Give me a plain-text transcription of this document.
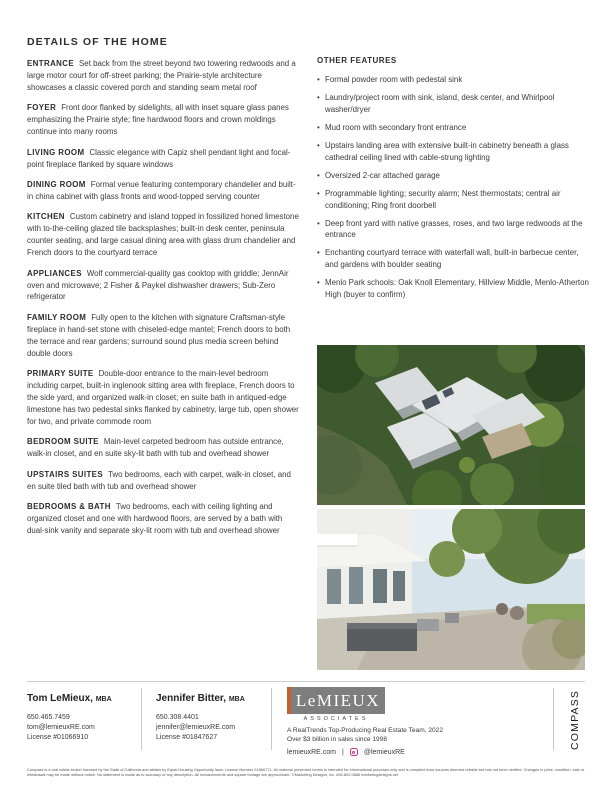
DETAILS OF THE HOME
ENTRANCE Set back from the street beyond two towering redwoods and a large motor court for off-street parking; the Prairie-style architecture showcases a classic covered porch and standing seam metal roof
FOYER Front door flanked by sidelights, all with inset square glass panes emphasizing the Prairie style; fine hardwood floors and crown moldings continue into many rooms
LIVING ROOM Classic elegance with Capiz shell pendant light and focal-point fireplace flanked by square windows
DINING ROOM Formal venue featuring contemporary chandelier and built-in china cabinet with glass fronts and wood-topped serving counter
KITCHEN Custom cabinetry and island topped in fossilized honed limestone with to-the-ceiling glazed tile backsplashes; built-in desk center, peninsula counter seating, and large casual dining area with glass drum chandelier and French doors to the courtyard terrace
APPLIANCES Wolf commercial-quality gas cooktop with griddle; JennAir oven and microwave; 2 Fisher & Paykel dishwasher drawers; Sub-Zero refrigerator
FAMILY ROOM Fully open to the kitchen with signature Craftsman-style fireplace in hand-set stone with chiseled-edge mantel; French doors to both the terrace and rear gardens; surround sound plus media screen behind double doors
PRIMARY SUITE Double-door entrance to the main-level bedroom including carpet, built-in inglenook sitting area with fireplace, French doors to the side yard, and organized walk-in closet; en suite bath in antiqued-edge limestone has two pedestal sinks flanked by cabinetry, large tub, open shower for two, and private commode room
BEDROOM SUITE Main-level carpeted bedroom has outside entrance, walk-in closet, and en suite sky-lit bath with tub and overhead shower
UPSTAIRS SUITES Two bedrooms, each with carpet, walk-in closet, and en suite tiled bath with tub and overhead shower
BEDROOMS & BATH Two bedrooms, each with ceiling lighting and organized closet and one with hardwood floors, are served by a bath with dual-sink vanity and separate sky-lit room with tub and overhead shower
OTHER FEATURES
• Formal powder room with pedestal sink
• Laundry/project room with sink, island, desk center, and Whirlpool washer/dryer
• Mud room with secondary front entrance
• Upstairs landing area with extensive built-in cabinetry beneath a glass cathedral ceiling lined with cable-strung lighting
• Oversized 2-car attached garage
• Programmable lighting; security alarm; Nest thermostats; central air conditioning; Ring front doorbell
• Deep front yard with native grasses, roses, and two large redwoods at the entrance
• Enchanting courtyard terrace with waterfall wall, built-in barbecue center, and gardens with boulder seating
• Menlo Park schools: Oak Knoll Elementary, Hillview Middle, Menlo-Atherton High (buyer to confirm)
Tom LeMieux, MBA
650.465.7459
tom@lemieuxRE.com
License #01066910
Jennifer Bitter, MBA
650.308.4401
jennifer@lemieuxRE.com
License #01847627
LeMIEUX
ASSOCIATES
A RealTrends Top-Producing Real Estate Team, 2022
Over $3 billion in sales since 1998
lemieuxRE.com |	@lemieuxRE
COMPASS
Compass is a real estate broker licensed by the State of California and abides by Equal Housing Opportunity laws. License Number 01866771. All material presented herein is intended for informational purposes only and is compiled from sources deemed reliable but has not been verified. Changes in price, condition, sale or withdrawal may be made without notice. No statement is made as to accuracy of any description. All measurements and square footage are approximate. ©Marketing Designs, Inc. 650.802.0888 marketingdesigns.net
